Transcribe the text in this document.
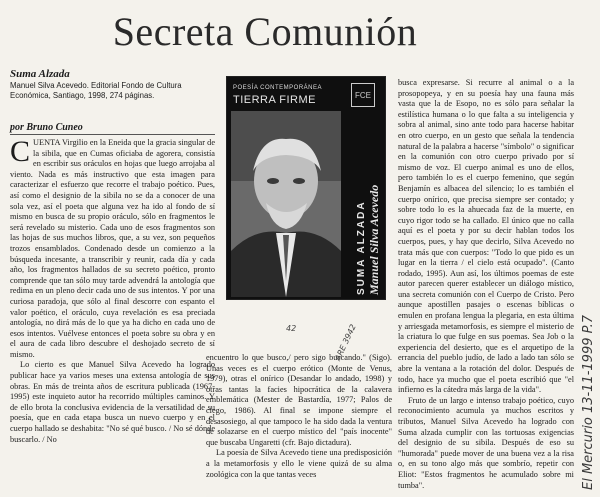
Secreta Comunión
Suma Alzada
Manuel Silva Acevedo. Editorial Fondo de Cultura Económica, Santiago, 1998, 274 páginas.
por Bruno Cuneo

CUENTA Virgilio en la Eneida que la gracia singular de la sibila, que en Cumas oficiaba de agorera, consistía en escribir sus oráculos en hojas que luego arrojaba al viento. Nada es más instructivo que esta imagen para caracterizar el esfuerzo que recorre el trabajo poético. Pues, así como el designio de la sibila no se da a conocer de una sola vez, así el poeta que alguna vez ha ido al fondo de sí mismo en busca de su propio oráculo, sólo en fragmentos le será revelado su misterio. Cada uno de esos fragmentos son las hojas de sus muchos libros, que, a su vez, son pequeños trozos ensamblados. Condenado desde un comienzo a la búsqueda incesante, a transcribir y reunir, cada día y cada año, los fragmentos hallados de su secreto poético, pronto comprende que tan sólo muy tarde advendrá la antología que redima en un pleno decir cada uno de sus intentos. Y por una curiosa paradoja, que sólo al final descorre con espanto el valor poético, el oráculo, cuya revelación es esa preciada antología, no dirá más de lo que ya ha dicho en cada uno de esos intentos. Vuélvese entonces el poeta sobre su obra y en el aura de cada libro descubre el deshojado secreto de sí mismo.

Lo cierto es que Manuel Silva Acevedo ha logrado publicar hace ya varios meses una extensa antología de sus obras. En más de treinta años de escritura publicada (1967-1995) este inquieto autor ha recorrido múltiples caminos. Y de ello brota la conclusiva evidencia de la versatilidad de su poesía, que en cada etapa busca un nuevo cuerpo y en el cuerpo hallado se deshabita: "No sé qué busco. / No sé dónde buscarlo. / No

POESÍA CONTEMPORÁNEA
TIERRA FIRME	FCE
SUMA ALZADA Manuel Silva Acevedo

encuentro lo que busco,/ pero sigo buscando." (Sigo). Unas veces es el cuerpo erótico (Monte de Venus, 1979), otras el onírico (Desandar lo andado, 1998) y otras tantas la facies hipocrática de la calavera emblemática (Mester de Bastardía, 1977; Palos de ciego, 1986). Al final se impone siempre el desasosiego, al que tampoco le ha sido dada la ventura de solazarse en el cuerpo místico del "país inocente" que buscaba Ungaretti (cfr. Bajo dictadura).

La poesía de Silva Acevedo tiene una predisposición a la metamorfosis y ello le viene quizá de su alma zoológica con la que tantas veces

busca expresarse. Si recurre al animal o a la prosopopeya, y en su poesía hay una fauna más vasta que la de Esopo, no es sólo para señalar la estilística humana o lo que falta a su inteligencia y sobra al animal, sino ante todo para hacerse habitar en otro cuerpo, en un gesto que señala la tendencia natural de la palabra a hacerse "símbolo" o significar en la comunión con otro cuerpo privado por sí mismo de voz. El cuerpo animal es uno de ellos, pero también lo es el cuerpo femenino, que según Benjamín es albacea del silencio; lo es también el cuerpo onírico, que precisa siempre ser contado; y sobre todo lo es la ahuecada faz de la muerte, en cuyo rigor todo se ha callado. El único que no calla aquí es el poeta y por su decir hablan todos los cuerpos, pues, y hay que decirlo, Silva Acevedo no trata más que con cuerpos: "Todo lo que pido es un lugar en la tierra / el cielo está ocupado". (Canto rodado, 1995). Aun así, los últimos poemas de este autor parecen querer establecer un diálogo místico, una secreta comunión con el Cuerpo de Cristo. Pero aunque apostillen pasajes o escenas bíblicas o emulen en profana lengua la plegaria, en esta última y arriesgada metamorfosis, es siempre el misterio de la criatura lo que fulge en sus poemas. Sea Job o la experiencia del desierto, que es el arquetipo de la errancia del pueblo judío, de lado a lado tan sólo se abre la ventana a la rotación del dolor. Después de todo, hace ya mucho que el poeta escribió que "el infierno es la cátedra más larga de la vida".

Fruto de un largo e intenso trabajo poético, cuyo reconocimiento acumula ya muchos escritos y tributos, Manuel Silva Acevedo ha logrado con Suma alzada cumplir con las tortuosas exigencias del designio de su sibila. Después de eso su "humorada" puede mover de una buena vez a la risa o, en su tono algo más que sombrío, repetir con Eliot: "Estos fragmentos he acumulado sobre mi tumba".	El Mercurio 13-11-1999 P.7
ARE 3942
42
